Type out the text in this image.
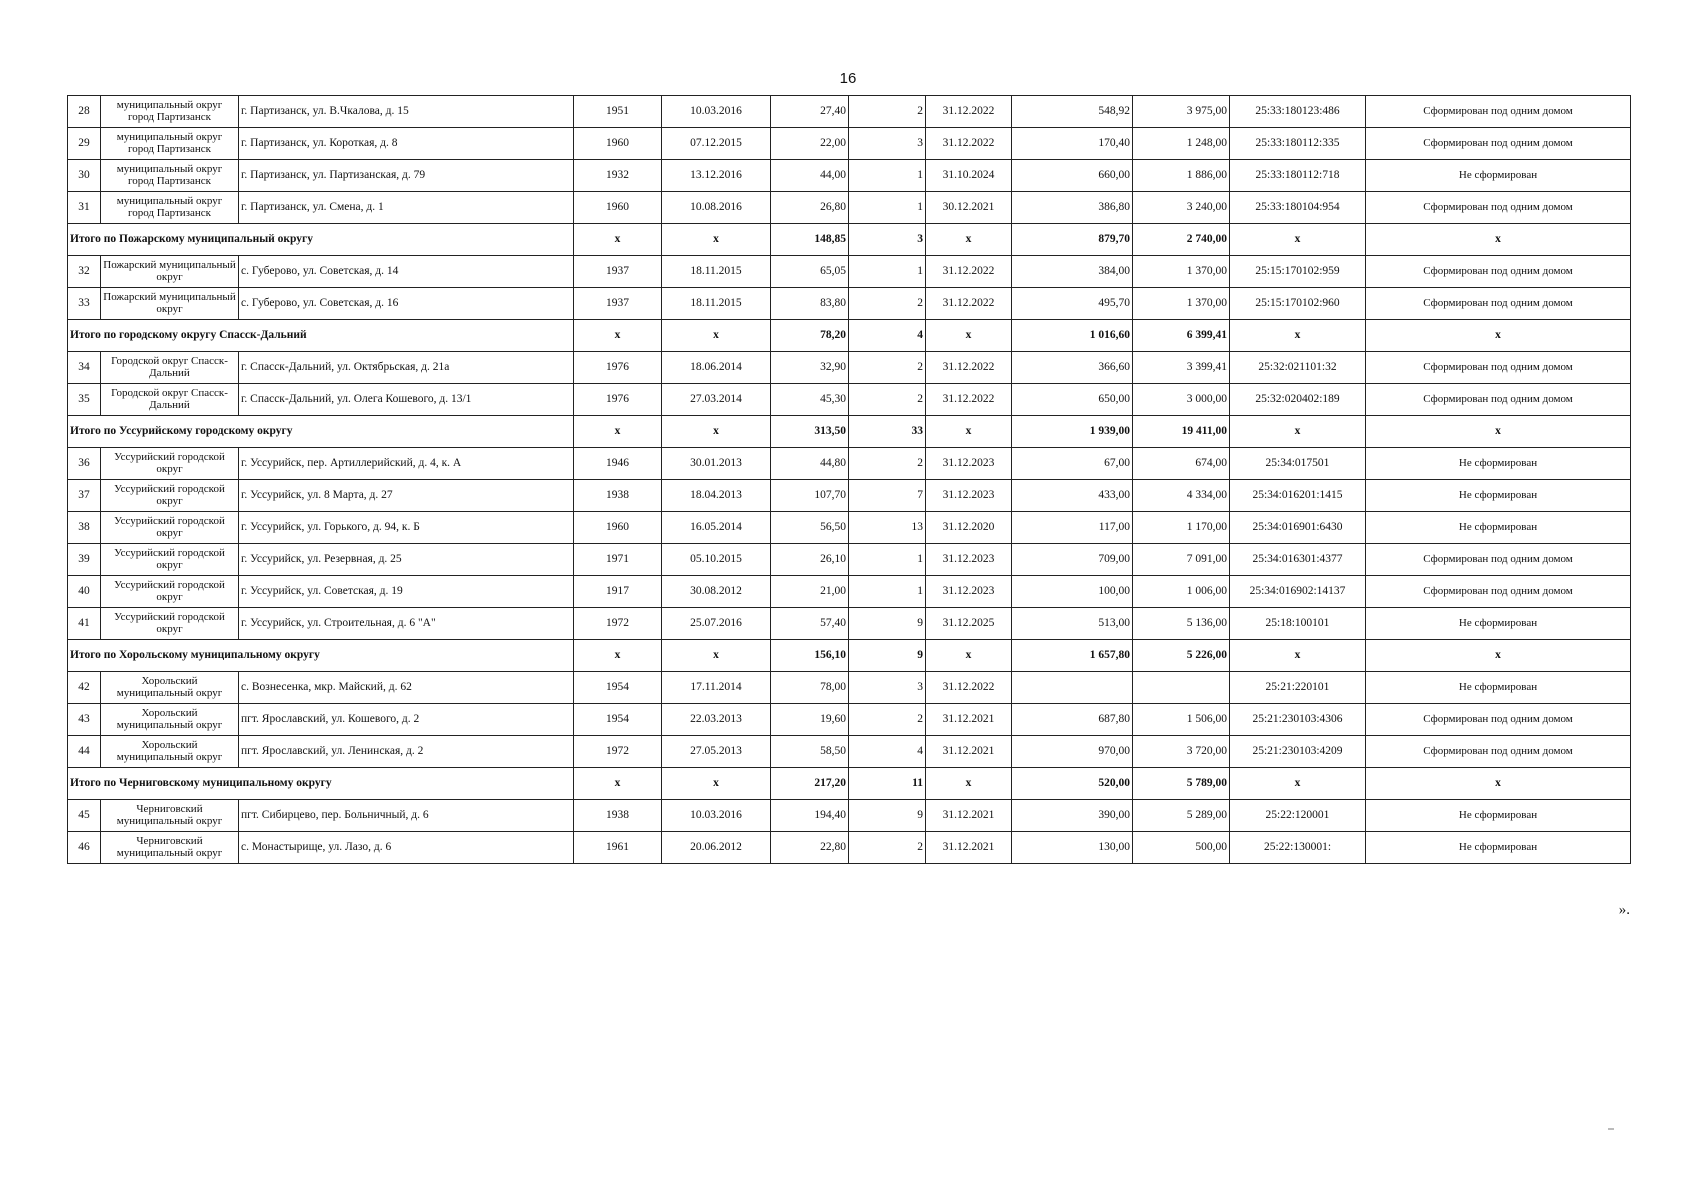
16
28	муниципальный округ город Партизанск	г. Партизанск, ул. В.Чкалова, д. 15	1951	10.03.2016	27,40	2	31.12.2022	548,92	3 975,00	25:33:180123:486	Сформирован под одним домом
29	муниципальный округ город Партизанск	г. Партизанск, ул. Короткая, д. 8	1960	07.12.2015	22,00	3	31.12.2022	170,40	1 248,00	25:33:180112:335	Сформирован под одним домом
30	муниципальный округ город Партизанск	г. Партизанск, ул. Партизанская, д. 79	1932	13.12.2016	44,00	1	31.10.2024	660,00	1 886,00	25:33:180112:718	Не сформирован
31	муниципальный округ город Партизанск	г. Партизанск, ул. Смена, д. 1	1960	10.08.2016	26,80	1	30.12.2021	386,80	3 240,00	25:33:180104:954	Сформирован под одним домом
Итого по Пожарскому муниципальный округу			x	x	148,85	3	x	879,70	2 740,00	x	x
32	Пожарский муниципальный округ	с. Губерово, ул. Советская, д. 14	1937	18.11.2015	65,05	1	31.12.2022	384,00	1 370,00	25:15:170102:959	Сформирован под одним домом
33	Пожарский муниципальный округ	с. Губерово, ул. Советская, д. 16	1937	18.11.2015	83,80	2	31.12.2022	495,70	1 370,00	25:15:170102:960	Сформирован под одним домом
Итого по городскому округу Спасск-Дальний			x	x	78,20	4	x	1 016,60	6 399,41	x	x
34	Городской округ Спасск-Дальний	г. Спасск-Дальний, ул. Октябрьская, д. 21а	1976	18.06.2014	32,90	2	31.12.2022	366,60	3 399,41	25:32:021101:32	Сформирован под одним домом
35	Городской округ Спасск-Дальний	г. Спасск-Дальний, ул. Олега Кошевого, д. 13/1	1976	27.03.2014	45,30	2	31.12.2022	650,00	3 000,00	25:32:020402:189	Сформирован под одним домом
Итого по Уссурийскому городскому округу			x	x	313,50	33	x	1 939,00	19 411,00	x	x
36	Уссурийский городской округ	г. Уссурийск, пер. Артиллерийский, д. 4, к. А	1946	30.01.2013	44,80	2	31.12.2023	67,00	674,00	25:34:017501	Не сформирован
37	Уссурийский городской округ	г. Уссурийск, ул. 8 Марта, д. 27	1938	18.04.2013	107,70	7	31.12.2023	433,00	4 334,00	25:34:016201:1415	Не сформирован
38	Уссурийский городской округ	г. Уссурийск, ул. Горького, д. 94, к. Б	1960	16.05.2014	56,50	13	31.12.2020	117,00	1 170,00	25:34:016901:6430	Не сформирован
39	Уссурийский городской округ	г. Уссурийск, ул. Резервная, д. 25	1971	05.10.2015	26,10	1	31.12.2023	709,00	7 091,00	25:34:016301:4377	Сформирован под одним домом
40	Уссурийский городской округ	г. Уссурийск, ул. Советская, д. 19	1917	30.08.2012	21,00	1	31.12.2023	100,00	1 006,00	25:34:016902:14137	Сформирован под одним домом
41	Уссурийский городской округ	г. Уссурийск, ул. Строительная, д. 6 "А"	1972	25.07.2016	57,40	9	31.12.2025	513,00	5 136,00	25:18:100101	Не сформирован
Итого по Хорольскому муниципальному округу			x	x	156,10	9	x	1 657,80	5 226,00	x	x
42	Хорольский муниципальный округ	с. Вознесенка, мкр. Майский, д. 62	1954	17.11.2014	78,00	3	31.12.2022			25:21:220101	Не сформирован
43	Хорольский муниципальный округ	пгт. Ярославский, ул. Кошевого, д. 2	1954	22.03.2013	19,60	2	31.12.2021	687,80	1 506,00	25:21:230103:4306	Сформирован под одним домом
44	Хорольский муниципальный округ	пгт. Ярославский, ул. Ленинская, д. 2	1972	27.05.2013	58,50	4	31.12.2021	970,00	3 720,00	25:21:230103:4209	Сформирован под одним домом
Итого по Черниговскому муниципальному округу			x	x	217,20	11	x	520,00	5 789,00	x	x
45	Черниговский муниципальный округ	пгт. Сибирцево, пер. Больничный, д. 6	1938	10.03.2016	194,40	9	31.12.2021	390,00	5 289,00	25:22:120001	Не сформирован
46	Черниговский муниципальный округ	с. Монастырище, ул. Лазо, д. 6	1961	20.06.2012	22,80	2	31.12.2021	130,00	500,00	25:22:130001:	Не сформирован
».
